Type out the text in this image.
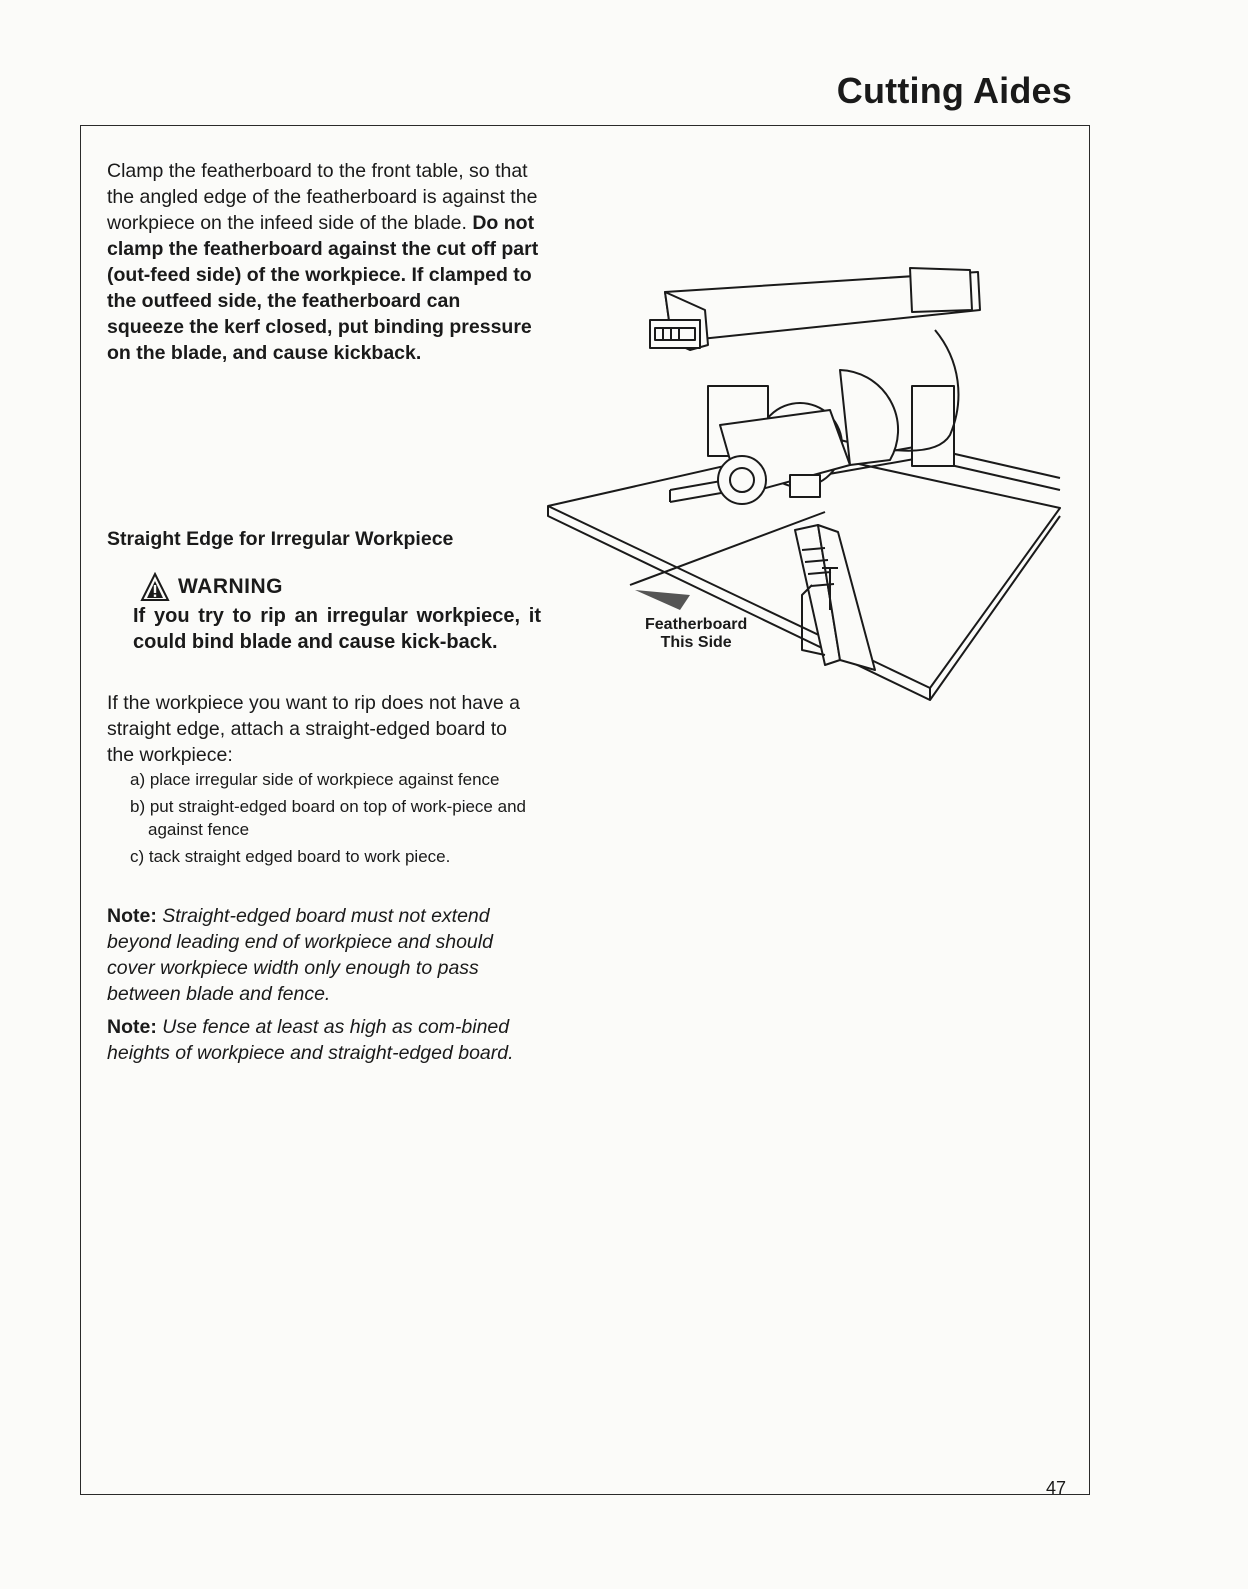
Cutting Aides

Clamp the featherboard to the front table, so that the angled edge of the featherboard is against the workpiece on the infeed side of the blade. Do not clamp the featherboard against the cut off part (out-feed side) of the workpiece. If clamped to the outfeed side, the featherboard can squeeze the kerf closed, put binding pressure on the blade, and cause kickback.

Straight Edge for Irregular Workpiece
WARNING

If you try to rip an irregular workpiece, it could bind blade and cause kick-back.

If the workpiece you want to rip does not have a straight edge, attach a straight-edged board to the workpiece:

a) place irregular side of workpiece against fence
b) put straight-edged board on top of work-piece and against fence
c) tack straight edged board to work piece.

Note: Straight-edged board must not extend beyond leading end of workpiece and should cover workpiece width only enough to pass between blade and fence.

Note: Use fence at least as high as com-bined heights of workpiece and straight-edged board.

Featherboard
This Side

47
